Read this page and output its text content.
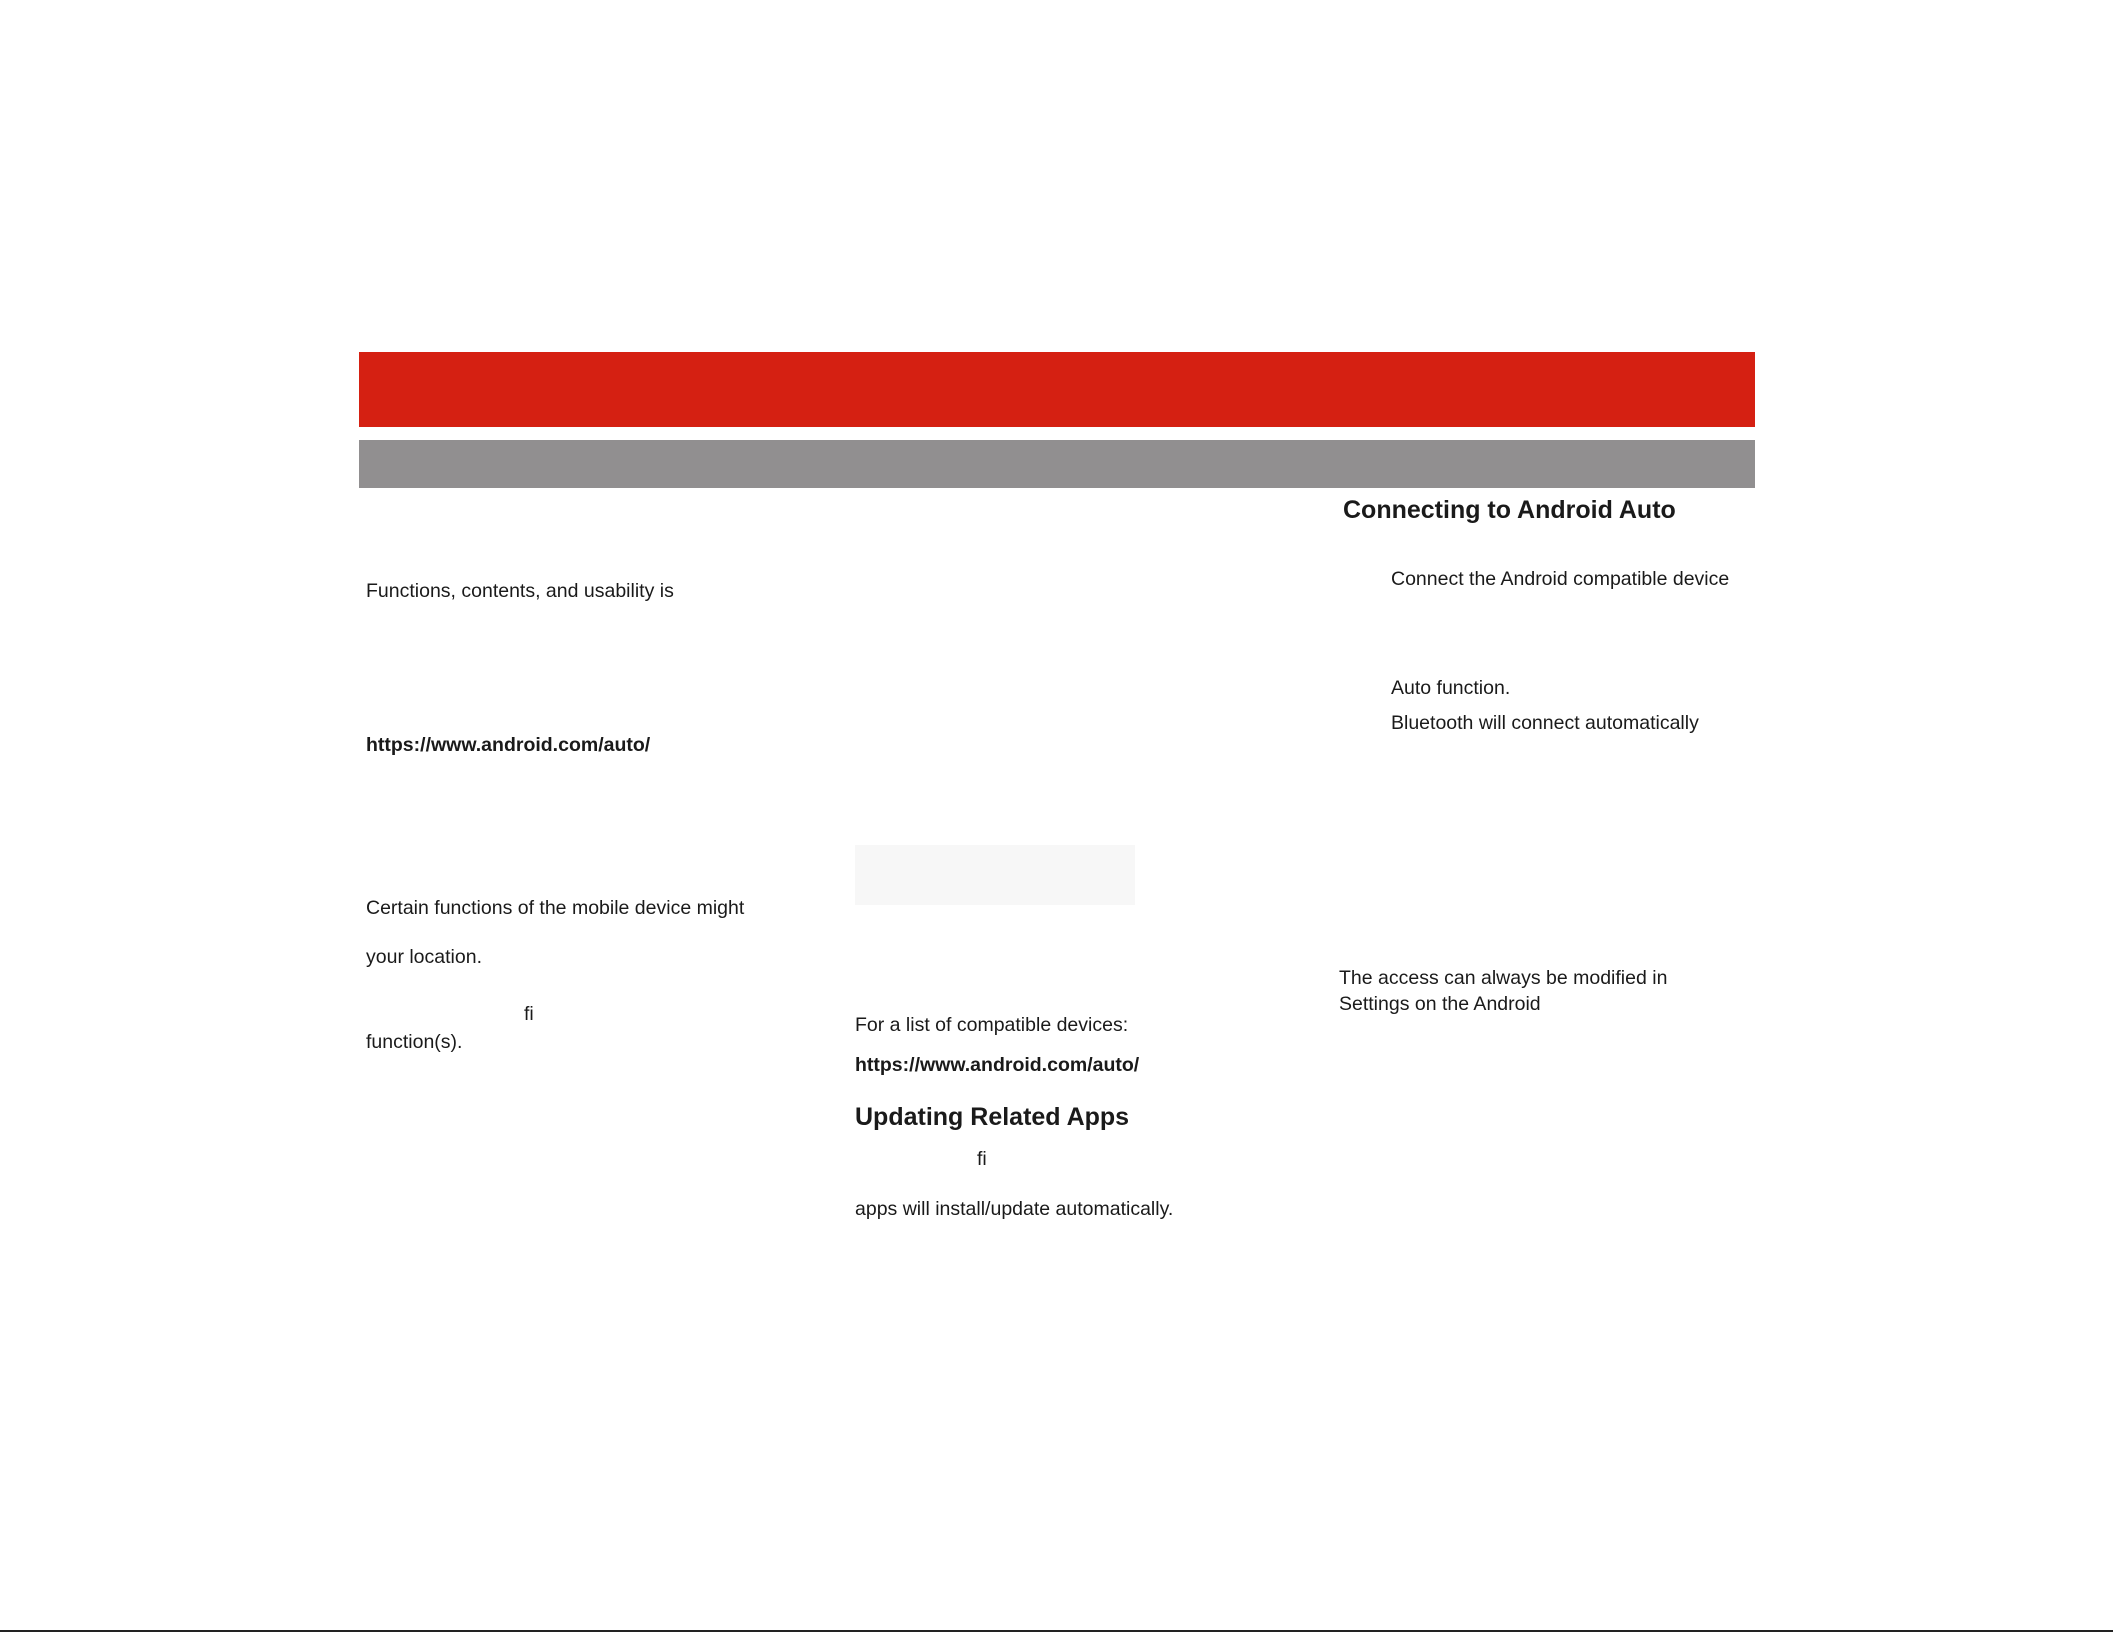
Functions, contents, and usability is
https://www.android.com/auto/
Certain functions of the mobile device might
your location.
fi
function(s).
For a list of compatible devices:
https://www.android.com/auto/
Updating Related Apps
fi
apps will install/update automatically.
Connecting to Android Auto
Connect the Android compatible device
Auto function.
Bluetooth will connect automatically
The access can always be modified in
Settings on the Android
